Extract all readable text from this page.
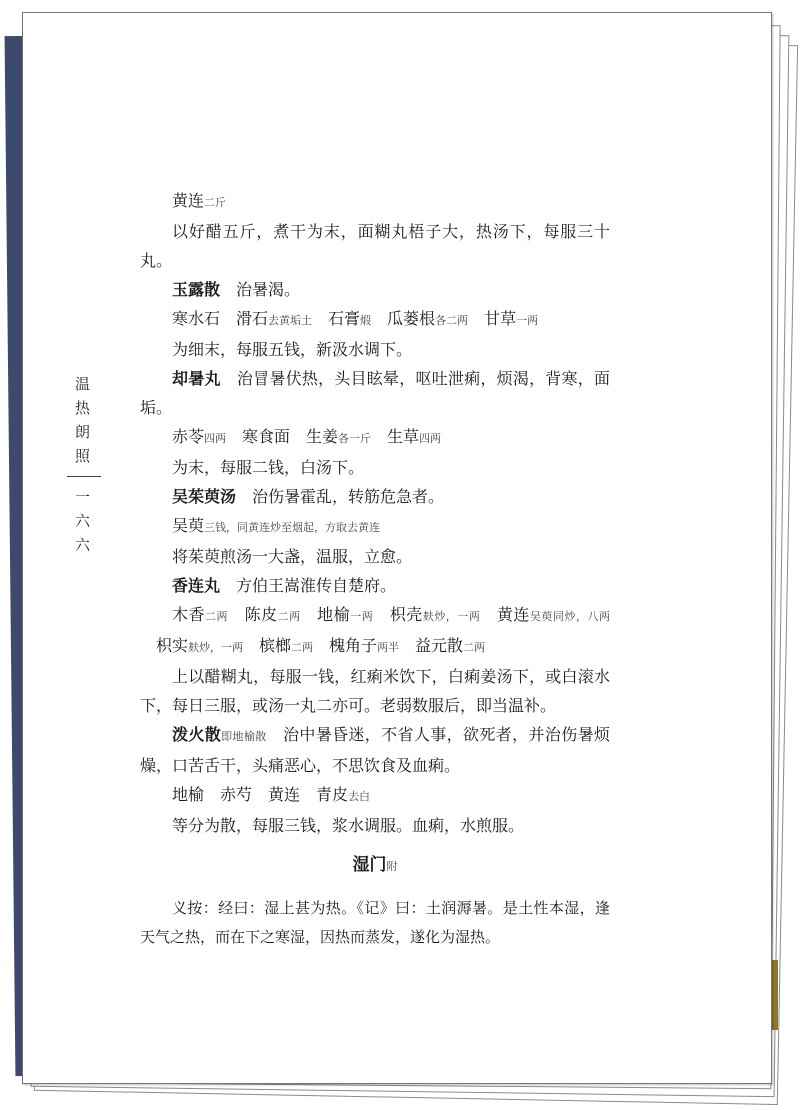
温
热
朗
照
一
六
六

黄连二斤

以好醋五斤，煮干为末，面糊丸梧子大，热汤下，每服三十丸。

玉露散 治暑渴。

寒水石 滑石去黄垢土 石膏煅 瓜蒌根各二两 甘草一两

为细末，每服五钱，新汲水调下。

却暑丸 治冒暑伏热，头目眩晕，呕吐泄痢，烦渴，背寒，面垢。

赤苓四两 寒食面 生姜各一斤 生草四两

为末，每服二钱，白汤下。

吴茱萸汤 治伤暑霍乱，转筋危急者。

吴萸三钱，同黄连炒至烟起，方取去黄连

将茱萸煎汤一大盏，温服，立愈。

香连丸 方伯王嵩淮传自楚府。

木香二两 陈皮二两 地榆一两 枳壳麸炒，一两 黄连吴萸同炒，八两枳实麸炒，一两 槟榔二两 槐角子两半 益元散二两

上以醋糊丸，每服一钱，红痢米饮下，白痢姜汤下，或白滚水下，每日三服，或汤一丸二亦可。老弱数服后，即当温补。

泼火散即地榆散 治中暑昏迷，不省人事，欲死者，并治伤暑烦燥，口苦舌干，头痛恶心，不思饮食及血痢。

地榆 赤芍 黄连 青皮去白

等分为散，每服三钱，浆水调服。血痢，水煎服。

湿门附

义按：经曰：湿上甚为热。《记》曰：土润溽暑。是土性本湿，逢天气之热，而在下之寒湿，因热而蒸发，遂化为湿热。
